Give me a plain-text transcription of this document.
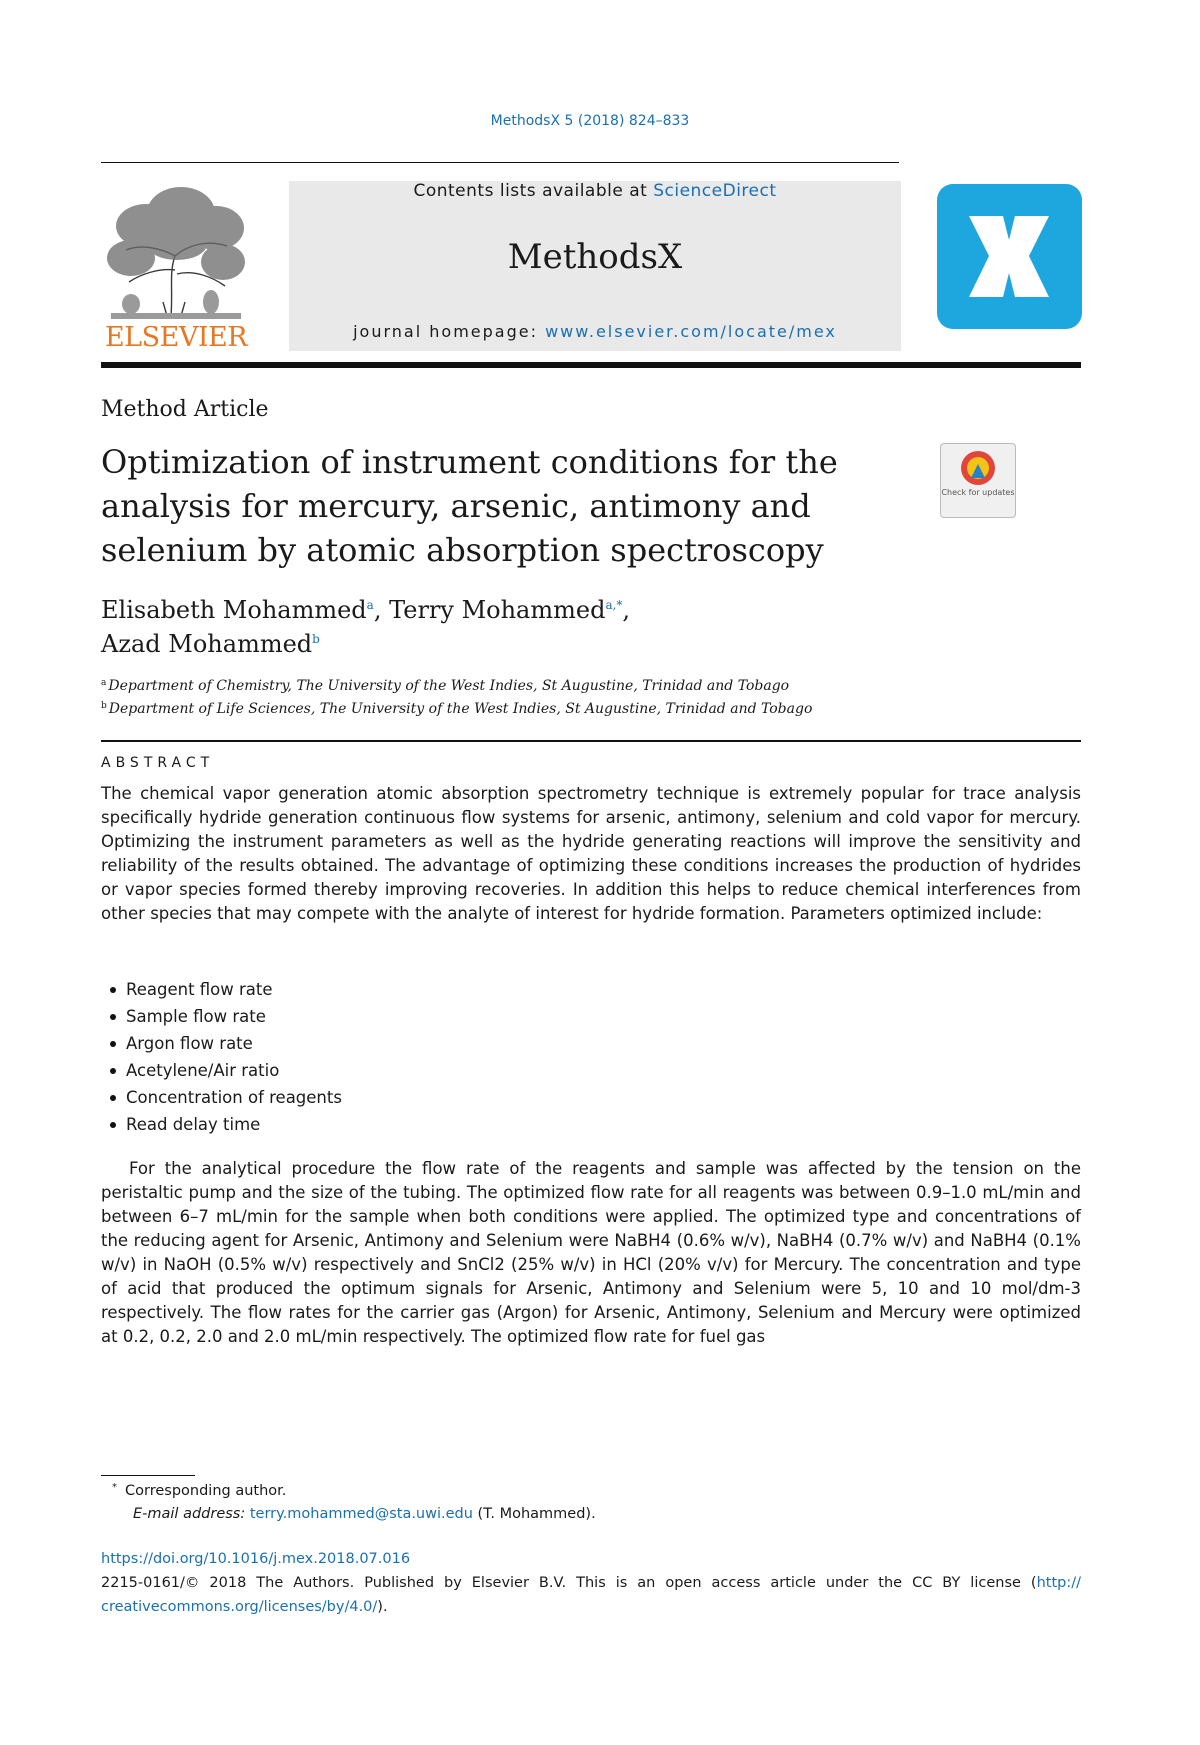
MethodsX 5 (2018) 824–833
ELSEVIER
Contents lists available at ScienceDirect
MethodsX
journal homepage: www.elsevier.com/locate/mex
Method Article
Optimization of instrument conditions for the analysis for mercury, arsenic, antimony and selenium by atomic absorption spectroscopy
Check for updates
Elisabeth Mohammed$^a$, Terry Mohammed$^{a,*}$,
Azad Mohammed$^b$
$^a$ Department of Chemistry, The University of the West Indies, St Augustine, Trinidad and Tobago
$^b$ Department of Life Sciences, The University of the West Indies, St Augustine, Trinidad and Tobago
ABSTRACT
The chemical vapor generation atomic absorption spectrometry technique is extremely popular for trace analysis specifically hydride generation continuous flow systems for arsenic, antimony, selenium and cold vapor for mercury. Optimizing the instrument parameters as well as the hydride generating reactions will improve the sensitivity and reliability of the results obtained. The advantage of optimizing these conditions increases the production of hydrides or vapor species formed thereby improving recoveries. In addition this helps to reduce chemical interferences from other species that may compete with the analyte of interest for hydride formation. Parameters optimized include:
Reagent flow rate
Sample flow rate
Argon flow rate
Acetylene/Air ratio
Concentration of reagents
Read delay time
For the analytical procedure the flow rate of the reagents and sample was affected by the tension on the peristaltic pump and the size of the tubing. The optimized flow rate for all reagents was between 0.9–1.0 mL/min and between 6–7 mL/min for the sample when both conditions were applied. The optimized type and concentrations of the reducing agent for Arsenic, Antimony and Selenium were NaBH4 (0.6% w/v), NaBH4 (0.7% w/v) and NaBH4 (0.1% w/v) in NaOH (0.5% w/v) respectively and SnCl2 (25% w/v) in HCl (20% v/v) for Mercury. The concentration and type of acid that produced the optimum signals for Arsenic, Antimony and Selenium were 5, 10 and 10 mol/dm-3 respectively. The flow rates for the carrier gas (Argon) for Arsenic, Antimony, Selenium and Mercury were optimized at 0.2, 0.2, 2.0 and 2.0 mL/min respectively. The optimized flow rate for fuel gas
* Corresponding author.
E-mail address: terry.mohammed@sta.uwi.edu (T. Mohammed).
https://doi.org/10.1016/j.mex.2018.07.016
2215-0161/© 2018 The Authors. Published by Elsevier B.V. This is an open access article under the CC BY license (http://
creativecommons.org/licenses/by/4.0/).
